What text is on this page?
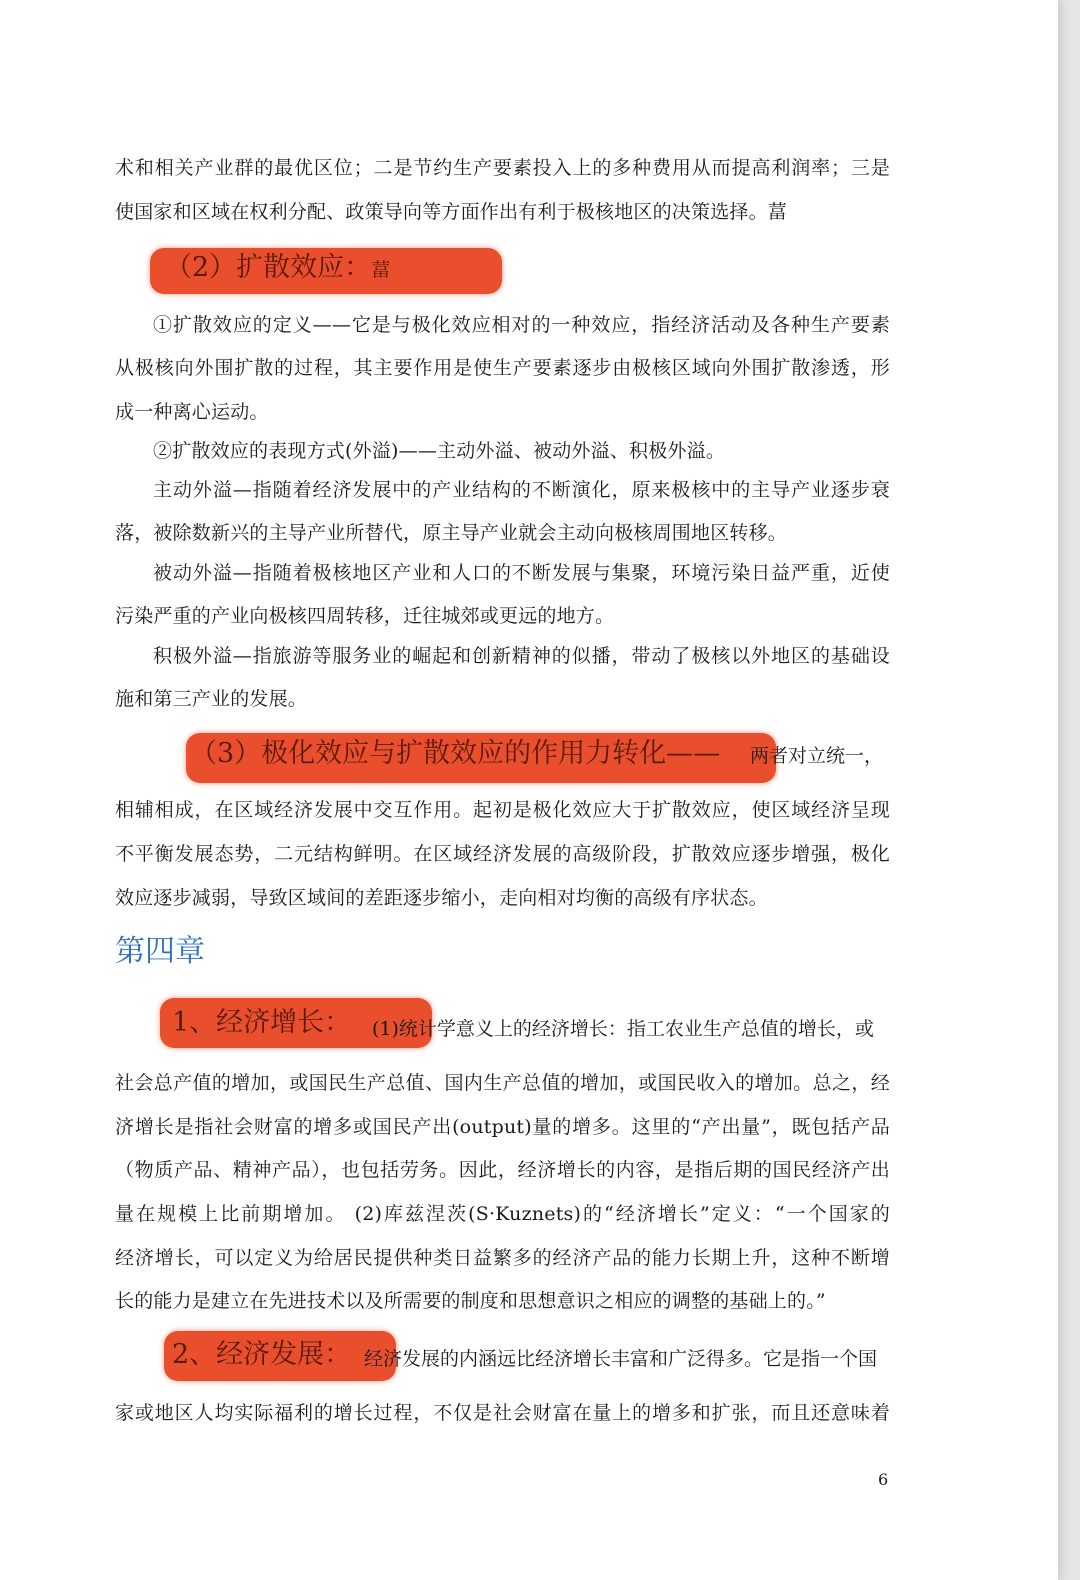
术和相关产业群的最优区位；二是节约生产要素投入上的多种费用从而提高利润率；三是
使国家和区域在权利分配、政策导向等方面作出有利于极核地区的决策选择。葍
（2）扩散效应：葍
①扩散效应的定义——它是与极化效应相对的一种效应，指经济活动及各种生产要素
从极核向外围扩散的过程，其主要作用是使生产要素逐步由极核区域向外围扩散渗透，形
成一种离心运动。
②扩散效应的表现方式(外溢)——主动外溢、被动外溢、积极外溢。
主动外溢—指随着经济发展中的产业结构的不断演化，原来极核中的主导产业逐步衰
落，被除数新兴的主导产业所替代，原主导产业就会主动向极核周围地区转移。
被动外溢—指随着极核地区产业和人口的不断发展与集聚，环境污染日益严重，近使
污染严重的产业向极核四周转移，迁往城郊或更远的地方。
积极外溢—指旅游等服务业的崛起和创新精神的似播，带动了极核以外地区的基础设
施和第三产业的发展。
（3）极化效应与扩散效应的作用力转化—— 两者对立统一，
相辅相成，在区域经济发展中交互作用。起初是极化效应大于扩散效应，使区域经济呈现
不平衡发展态势，二元结构鲜明。在区域经济发展的高级阶段，扩散效应逐步增强，极化
效应逐步减弱，导致区域间的差距逐步缩小，走向相对均衡的高级有序状态。
第四章
1、经济增长： (1)统计学意义上的经济增长：指工农业生产总值的增长，或
社会总产值的增加，或国民生产总值、国内生产总值的增加，或国民收入的增加。总之，经
济增长是指社会财富的增多或国民产出(output)量的增多。这里的“产出量”，既包括产品
（物质产品、精神产品），也包括劳务。因此，经济增长的内容，是指后期的国民经济产出
量在规模上比前期增加。 (2)库兹涅茨(S·Kuznets)的“经济增长”定义：“一个国家的
经济增长，可以定义为给居民提供种类日益繁多的经济产品的能力长期上升，这种不断增
长的能力是建立在先进技术以及所需要的制度和思想意识之相应的调整的基础上的。”
2、经济发展： 经济发展的内涵远比经济增长丰富和广泛得多。它是指一个国
家或地区人均实际福利的增长过程，不仅是社会财富在量上的增多和扩张，而且还意味着
6
